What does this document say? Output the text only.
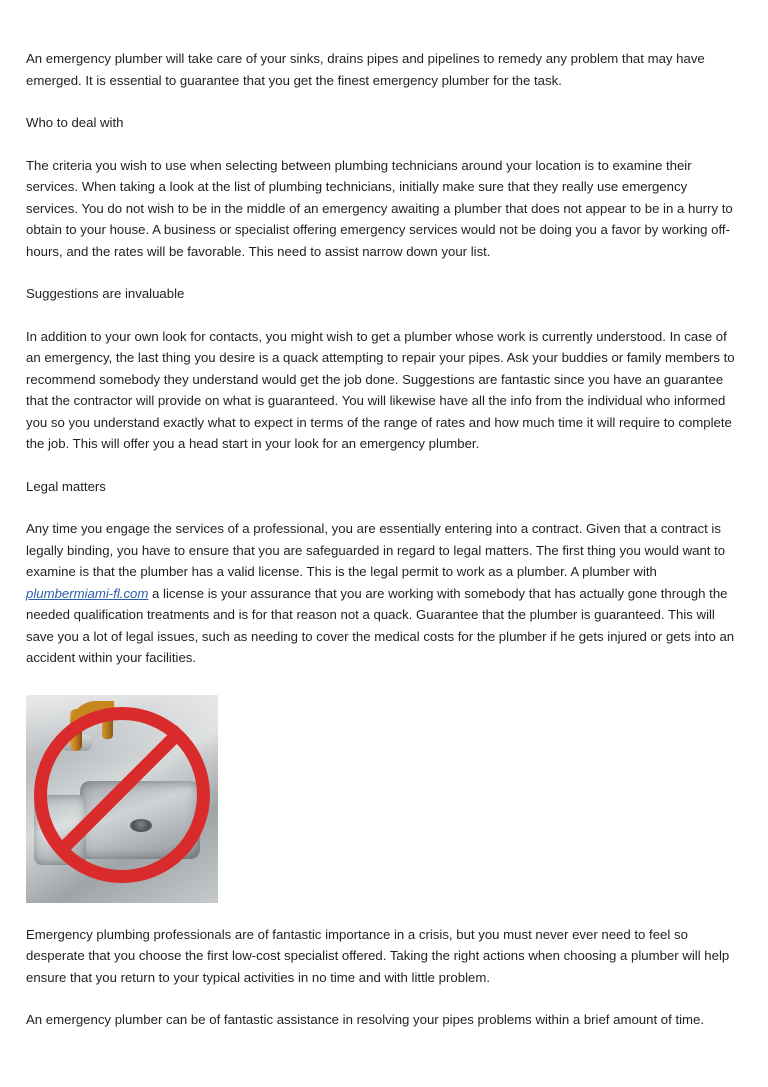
An emergency plumber will take care of your sinks, drains pipes and pipelines to remedy any problem that may have emerged. It is essential to guarantee that you get the finest emergency plumber for the task.

Who to deal with

The criteria you wish to use when selecting between plumbing technicians around your location is to examine their services. When taking a look at the list of plumbing technicians, initially make sure that they really use emergency services. You do not wish to be in the middle of an emergency awaiting a plumber that does not appear to be in a hurry to obtain to your house. A business or specialist offering emergency services would not be doing you a favor by working off-hours, and the rates will be favorable. This need to assist narrow down your list.

Suggestions are invaluable

In addition to your own look for contacts, you might wish to get a plumber whose work is currently understood. In case of an emergency, the last thing you desire is a quack attempting to repair your pipes. Ask your buddies or family members to recommend somebody they understand would get the job done. Suggestions are fantastic since you have an guarantee that the contractor will provide on what is guaranteed. You will likewise have all the info from the individual who informed you so you understand exactly what to expect in terms of the range of rates and how much time it will require to complete the job. This will offer you a head start in your look for an emergency plumber.

Legal matters

Any time you engage the services of a professional, you are essentially entering into a contract. Given that a contract is legally binding, you have to ensure that you are safeguarded in regard to legal matters. The first thing you would want to examine is that the plumber has a valid license. This is the legal permit to work as a plumber. A plumber with plumbermiami-fl.com a license is your assurance that you are working with somebody that has actually gone through the needed qualification treatments and is for that reason not a quack. Guarantee that the plumber is guaranteed. This will save you a lot of legal issues, such as needing to cover the medical costs for the plumber if he gets injured or gets into an accident within your facilities.

Emergency plumbing professionals are of fantastic importance in a crisis, but you must never ever need to feel so desperate that you choose the first low-cost specialist offered. Taking the right actions when choosing a plumber will help ensure that you return to your typical activities in no time and with little problem.

An emergency plumber can be of fantastic assistance in resolving your pipes problems within a brief amount of time.
